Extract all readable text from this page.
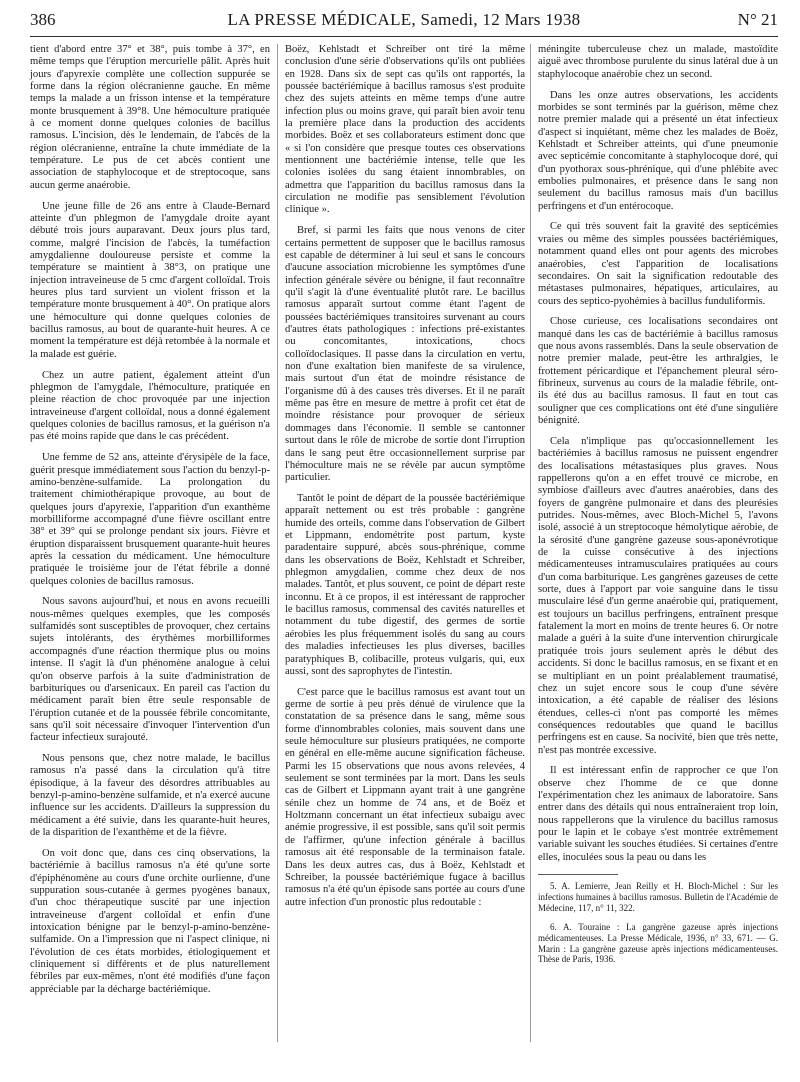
386	LA PRESSE MÉDICALE, Samedi, 12 Mars 1938	N° 21

tient d'abord entre 37° et 38°, puis tombe à 37°, en même temps que l'éruption mercurielle pâlit. Après huit jours d'apyrexie complète une collection suppurée se forme dans la région olécranienne gauche. En même temps la malade a un frisson intense et la température monte brusquement à 39°8. Une hémoculture pratiquée à ce moment donne quelques colonies de bacillus ramosus. L'incision, dès le lendemain, de l'abcès de la région olécranienne, entraîne la chute immédiate de la température. Le pus de cet abcès contient une association de staphylocoque et de streptocoque, sans aucun germe anaérobie.

Une jeune fille de 26 ans entre à Claude-Bernard atteinte d'un phlegmon de l'amygdale droite ayant débuté trois jours auparavant. Deux jours plus tard, comme, malgré l'incision de l'abcès, la tuméfaction amygdalienne douloureuse persiste et comme la température se maintient à 38°3, on pratique une injection intraveineuse de 5 cmc d'argent colloïdal. Trois heures plus tard survient un violent frisson et la température monte brusquement à 40°. On pratique alors une hémoculture qui donne quelques colonies de bacillus ramosus, au bout de quarante-huit heures. A ce moment la température est déjà retombée à la normale et la malade est guérie.

Chez un autre patient, également atteint d'un phlegmon de l'amygdale, l'hémoculture, pratiquée en pleine réaction de choc provoquée par une injection intraveineuse d'argent colloïdal, nous a donné également quelques colonies de bacillus ramosus, et la guérison n'a pas été moins rapide que dans le cas précédent.

Une femme de 52 ans, atteinte d'érysipèle de la face, guérit presque immédiatement sous l'action du benzyl-p-amino-benzène-sulfamide. La prolongation du traitement chimiothérapique provoque, au bout de quelques jours d'apyrexie, l'apparition d'un exanthème morbilliforme accompagné d'une fièvre oscillant entre 38° et 39° qui se prolonge pendant six jours. Fièvre et éruption disparaissent brusquement quarante-huit heures après la cessation du médicament. Une hémoculture pratiquée le troisième jour de l'état fébrile a donné quelques colonies de bacillus ramosus.

Nous savons aujourd'hui, et nous en avons recueilli nous-mêmes quelques exemples, que les composés sulfamidés sont susceptibles de provoquer, chez certains sujets intolérants, des érythèmes morbilliformes accompagnés d'une réaction thermique plus ou moins intense. Il s'agit là d'un phénomène analogue à celui qu'on observe parfois à la suite d'administration de barbituriques ou d'arsenicaux. En pareil cas l'action du médicament paraît bien être seule responsable de l'éruption cutanée et de la poussée fébrile concomitante, sans qu'il soit nécessaire d'invoquer l'intervention d'un facteur infectieux surajouté.

Nous pensons que, chez notre malade, le bacillus ramosus n'a passé dans la circulation qu'à titre épisodique, à la faveur des désordres attribuables au benzyl-p-amino-benzène sulfamide, et n'a exercé aucune influence sur les accidents. D'ailleurs la suppression du médicament a été suivie, dans les quarante-huit heures, de la disparition de l'exanthème et de la fièvre.

On voit donc que, dans ces cinq observations, la bactériémie à bacillus ramosus n'a été qu'une sorte d'épiphénomène au cours d'une orchite ourlienne, d'une suppuration sous-cutanée à germes pyogènes banaux, d'un choc thérapeutique suscité par une injection intraveineuse d'argent colloïdal et enfin d'une intoxication bénigne par le benzyl-p-amino-benzène-sulfamide. On a l'impression que ni l'aspect clinique, ni l'évolution de ces états morbides, étiologiquement et cliniquement si différents et de plus naturellement fébriles par eux-mêmes, n'ont été modifiés d'une façon appréciable par la décharge bactériémique.

Boëz, Kehlstadt et Schreiber ont tiré la même conclusion d'une série d'observations qu'ils ont publiées en 1928. Dans six de sept cas qu'ils ont rapportés, la poussée bactériémique à bacillus ramosus s'est produite chez des sujets atteints en même temps d'une autre infection plus ou moins grave, qui paraît bien avoir tenu la première place dans la production des accidents morbides. Boëz et ses collaborateurs estiment donc que « si l'on considère que presque toutes ces observations mentionnent une bactériémie intense, telle que les colonies isolées du sang étaient innombrables, on admettra que l'apparition du bacillus ramosus dans la circulation ne modifie pas sensiblement l'évolution clinique ».

Bref, si parmi les faits que nous venons de citer certains permettent de supposer que le bacillus ramosus est capable de déterminer à lui seul et sans le concours d'aucune association microbienne les symptômes d'une infection générale sévère ou bénigne, il faut reconnaître qu'il s'agit là d'une éventualité plutôt rare. Le bacillus ramosus apparaît surtout comme étant l'agent de poussées bactériémiques transitoires survenant au cours d'autres états pathologiques : infections pré-existantes ou concomitantes, intoxications, chocs colloïdoclasiques. Il passe dans la circulation en vertu, non d'une exaltation bien manifeste de sa virulence, mais surtout d'un état de moindre résistance de l'organisme dû à des causes très diverses. Et il ne paraît même pas être en mesure de mettre à profit cet état de moindre résistance pour provoquer de sérieux dommages dans l'économie. Il semble se cantonner surtout dans le rôle de microbe de sortie dont l'irruption dans le sang peut être occasionnellement surprise par l'hémoculture mais ne se révèle par aucun symptôme particulier.

Tantôt le point de départ de la poussée bactériémique apparaît nettement ou est très probable : gangrène humide des orteils, comme dans l'observation de Gilbert et Lippmann, endométrite post partum, kyste paradentaire suppuré, abcès sous-phrénique, comme dans les observations de Boëz, Kehlstadt et Schreiber, phlegmon amygdalien, comme chez deux de nos malades. Tantôt, et plus souvent, ce point de départ reste inconnu. Et à ce propos, il est intéressant de rapprocher le bacillus ramosus, commensal des cavités naturelles et notamment du tube digestif, des germes de sortie aérobies les plus fréquemment isolés du sang au cours des maladies infectieuses les plus diverses, bacilles paratyphiques B, colibacille, proteus vulgaris, qui, eux aussi, sont des saprophytes de l'intestin.

C'est parce que le bacillus ramosus est avant tout un germe de sortie à peu près dénué de virulence que la constatation de sa présence dans le sang, même sous forme d'innombrables colonies, mais souvent dans une seule hémoculture sur plusieurs pratiquées, ne comporte en général en elle-même aucune signification fâcheuse. Parmi les 15 observations que nous avons relevées, 4 seulement se sont terminées par la mort. Dans les seuls cas de Gilbert et Lippmann ayant trait à une gangrène sénile chez un homme de 74 ans, et de Boëz et Holtzmann concernant un état infectieux subaigu avec anémie progressive, il est possible, sans qu'il soit permis de l'affirmer, qu'une infection générale à bacillus ramosus ait été responsable de la terminaison fatale. Dans les deux autres cas, dus à Boëz, Kehlstadt et Schreiber, la poussée bactériémique fugace à bacillus ramosus n'a été qu'un épisode sans portée au cours d'une autre infection d'un pronostic plus redoutable :

méningite tuberculeuse chez un malade, mastoïdite aiguë avec thrombose purulente du sinus latéral due à un staphylocoque anaérobie chez un second.

Dans les onze autres observations, les accidents morbides se sont terminés par la guérison, même chez notre premier malade qui a présenté un état infectieux d'aspect si inquiétant, même chez les malades de Boëz, Kehlstadt et Schreiber atteints, qui d'une pneumonie avec septicémie concomitante à staphylocoque doré, qui d'un pyothorax sous-phrénique, qui d'une phlébite avec embolies pulmonaires, et présence dans le sang non seulement du bacillus ramosus mais d'un bacillus perfringens et d'un entérocoque.

Ce qui très souvent fait la gravité des septicémies vraies ou même des simples poussées bactériémiques, notamment quand elles ont pour agents des microbes anaérobies, c'est l'apparition de localisations secondaires. On sait la signification redoutable des métastases pulmonaires, hépatiques, articulaires, au cours des septico-pyohémies à bacillus funduliformis.

Chose curieuse, ces localisations secondaires ont manqué dans les cas de bactériémie à bacillus ramosus que nous avons rassemblés. Dans la seule observation de notre premier malade, peut-être les arthralgies, le frottement péricardique et l'épanchement pleural séro-fibrineux, survenus au cours de la maladie fébrile, ont-ils été dus au bacillus ramosus. Il faut en tout cas souligner que ces complications ont été d'une singulière bénignité.

Cela n'implique pas qu'occasionnellement les bactériémies à bacillus ramosus ne puissent engendrer des localisations métastasiques plus graves. Nous rappellerons qu'on a en effet trouvé ce microbe, en symbiose d'ailleurs avec d'autres anaérobies, dans des foyers de gangrène pulmonaire et dans des pleurésies putrides. Nous-mêmes, avec Bloch-Michel 5, l'avons isolé, associé à un streptocoque hémolytique aérobie, de la sérosité d'une gangrène gazeuse sous-aponévrotique de la cuisse consécutive à des injections médicamenteuses intramusculaires pratiquées au cours d'un coma barbiturique. Les gangrènes gazeuses de cette sorte, dues à l'apport par voie sanguine dans le tissu musculaire lésé d'un germe anaérobie qui, pratiquement, est toujours un bacillus perfringens, entraînent presque fatalement la mort en moins de trente heures 6. Or notre malade a guéri à la suite d'une intervention chirurgicale pratiquée trois jours seulement après le début des accidents. Si donc le bacillus ramosus, en se fixant et en se multipliant en un point préalablement traumatisé, chez un sujet encore sous le coup d'une sévère intoxication, a été capable de réaliser des lésions étendues, celles-ci n'ont pas comporté les mêmes conséquences redoutables que quand le bacillus perfringens est en cause. Sa nocivité, bien que très nette, n'est pas montrée excessive.

Il est intéressant enfin de rapprocher ce que l'on observe chez l'homme de ce que donne l'expérimentation chez les animaux de laboratoire. Sans entrer dans des détails qui nous entraîneraient trop loin, nous rappellerons que la virulence du bacillus ramosus pour le lapin et le cobaye s'est montrée extrêmement variable suivant les souches étudiées. Si certaines d'entre elles, inoculées sous la peau ou dans les

5. A. Lemierre, Jean Reilly et H. Bloch-Michel : Sur les infections humaines à bacillus ramosus. Bulletin de l'Académie de Médecine, 117, n° 11, 322.

6. A. Touraine : La gangrène gazeuse après injections médicamenteuses. La Presse Médicale, 1936, n° 33, 671. — G. Marin : La gangrène gazeuse après injections médicamenteuses. Thèse de Paris, 1936.
